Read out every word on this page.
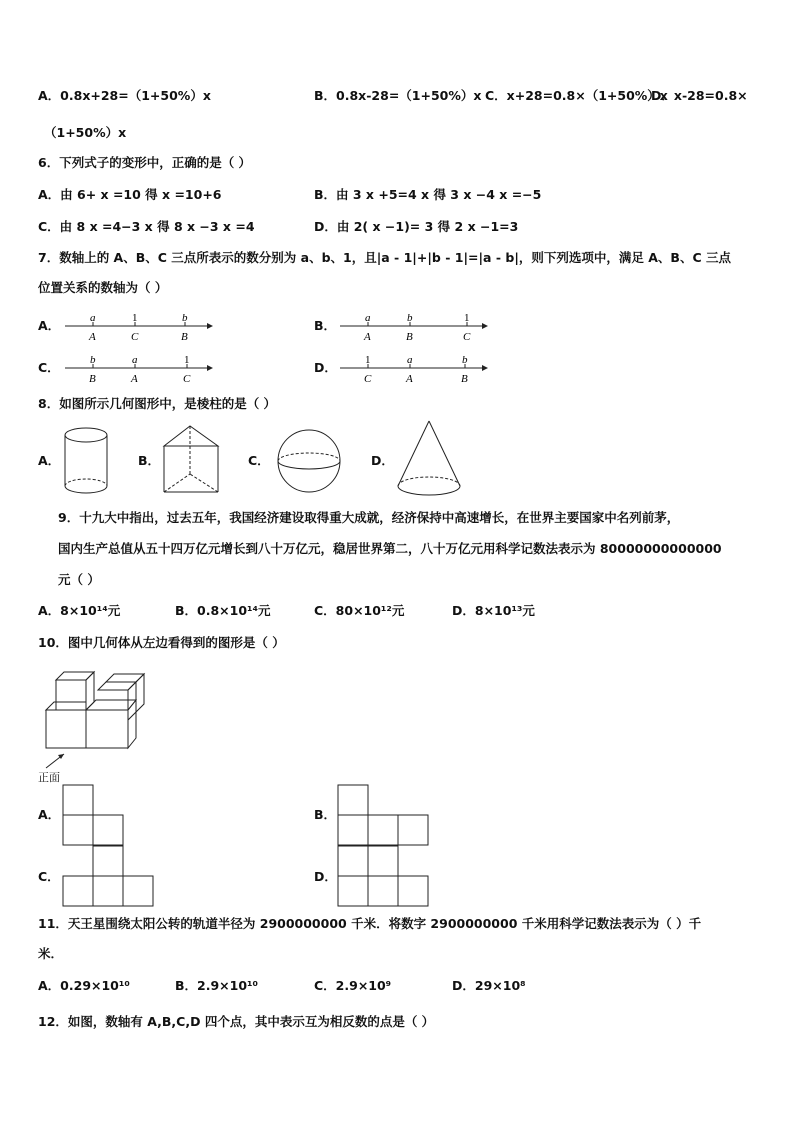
A．0.8x+28=（1+50%）x	B．0.8x-28=（1+50%）x C．x+28=0.8×（1+50%）x
D．x-28=0.8×
（1+50%）x
6．下列式子的变形中，正确的是（ ）
A．由 6+ x =10 得 x =10+6	B．由 3 x +5=4 x 得 3 x −4 x =−5
C．由 8 x =4−3 x 得 8 x −3 x =4	D．由 2( x −1)= 3 得 2 x −1=3
7．数轴上的 A、B、C 三点所表示的数分别为 a、b、1，且|a - 1|+|b - 1|=|a - b|，则下列选项中，满足 A、B、C 三点
位置关系的数轴为（ ）
A．	B．
C．	D．
a	1	b
A	C	B
a	b	1
A	B	C
b	a	1
B	A	C
1	a	b
C	A	B
8．如图所示几何图形中，是棱柱的是（ ）
A．	B．	C．	D．
9．十九大中指出，过去五年，我国经济建设取得重大成就，经济保持中高速增长，在世界主要国家中名列前茅，
国内生产总值从五十四万亿元增长到八十万亿元，稳居世界第二，八十万亿元用科学记数法表示为 80000000000000
元（ ）
A．8×10¹⁴元	B．0.8×10¹⁴元	C．80×10¹²元	D．8×10¹³元
10．图中几何体从左边看得到的图形是（ ）
正面
A．	B．
C．	D．
11．天王星围绕太阳公转的轨道半径为 2900000000 千米．将数字 2900000000 千米用科学记数法表示为（ ）千
米．
A．0.29×10¹⁰	B．2.9×10¹⁰	C．2.9×10⁹	D．29×10⁸
12．如图，数轴有 A,B,C,D 四个点，其中表示互为相反数的点是（ ）
